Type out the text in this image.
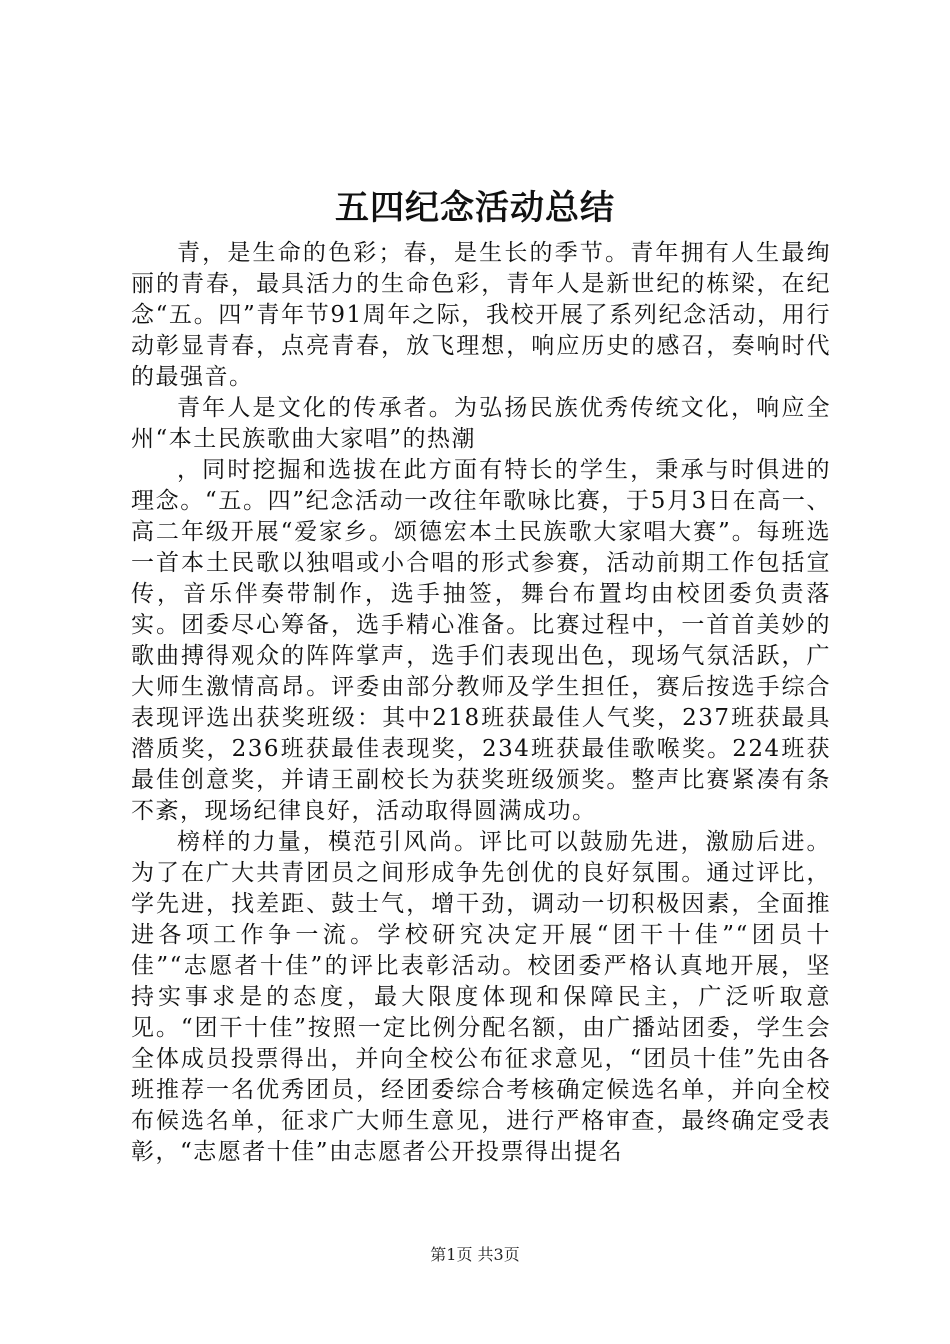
五四纪念活动总结

青，是生命的色彩；春，是生长的季节。青年拥有人生最绚丽的青春，最具活力的生命色彩，青年人是新世纪的栋梁，在纪念“五。四”青年节91周年之际，我校开展了系列纪念活动，用行动彰显青春，点亮青春，放飞理想，响应历史的感召，奏响时代的最强音。

青年人是文化的传承者。为弘扬民族优秀传统文化，响应全州“本土民族歌曲大家唱”的热潮

，同时挖掘和选拔在此方面有特长的学生，秉承与时俱进的理念。“五。四”纪念活动一改往年歌咏比赛，于5月3日在高一、高二年级开展“爱家乡。颂德宏本土民族歌大家唱大赛”。每班选一首本土民歌以独唱或小合唱的形式参赛，活动前期工作包括宣传，音乐伴奏带制作，选手抽签，舞台布置均由校团委负责落实。团委尽心筹备，选手精心准备。比赛过程中，一首首美妙的歌曲搏得观众的阵阵掌声，选手们表现出色，现场气氛活跃，广大师生激情高昂。评委由部分教师及学生担任，赛后按选手综合表现评选出获奖班级：其中218班获最佳人气奖，237班获最具潜质奖，236班获最佳表现奖，234班获最佳歌喉奖。224班获最佳创意奖，并请王副校长为获奖班级颁奖。整声比赛紧凑有条不紊，现场纪律良好，活动取得圆满成功。

榜样的力量，模范引风尚。评比可以鼓励先进，激励后进。为了在广大共青团员之间形成争先创优的良好氛围。通过评比，学先进，找差距、鼓士气，增干劲，调动一切积极因素，全面推进各项工作争一流。学校研究决定开展“团干十佳”“团员十佳”“志愿者十佳”的评比表彰活动。校团委严格认真地开展，坚持实事求是的态度，最大限度体现和保障民主，广泛听取意见。“团干十佳”按照一定比例分配名额，由广播站团委，学生会全体成员投票得出，并向全校公布征求意见，“团员十佳”先由各班推荐一名优秀团员，经团委综合考核确定候选名单，并向全校布候选名单，征求广大师生意见，进行严格审查，最终确定受表彰，“志愿者十佳”由志愿者公开投票得出提名

第1页 共3页
